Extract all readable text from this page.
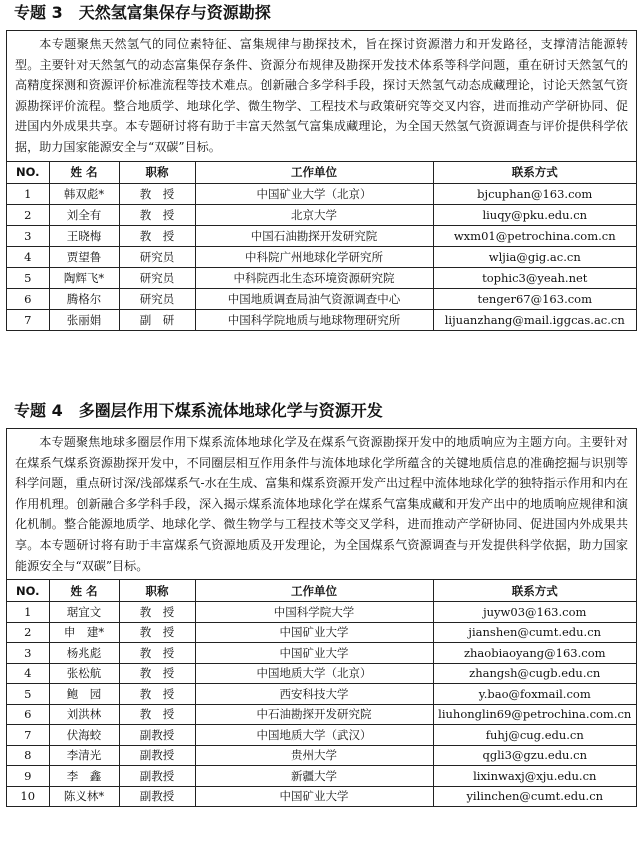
专题 3　天然氢富集保存与资源勘探

本专题聚焦天然氢气的同位素特征、富集规律与勘探技术，旨在探讨资源潜力和开发路径，支撑清洁能源转型。主要针对天然氢气的动态富集保存条件、资源分布规律及勘探开发技术体系等科学问题，重在研讨天然氢气的高精度探测和资源评价标准流程等技术难点。创新融合多学科手段，探讨天然氢气动态成藏理论，讨论天然氢气资源勘探评价流程。整合地质学、地球化学、微生物学、工程技术与政策研究等交叉内容，进而推动产学研协同、促进国内外成果共享。本专题研讨将有助于丰富天然氢气富集成藏理论，为全国天然氢气资源调查与评价提供科学依据，助力国家能源安全与“双碳”目标。

NO.	姓 名	职称	工作单位	联系方式
1	韩双彪*	教　授	中国矿业大学（北京）	bjcuphan@163.com
2	刘全有	教　授	北京大学	liuqy@pku.edu.cn
3	王晓梅	教　授	中国石油勘探开发研究院	wxm01@petrochina.com.cn
4	贾望鲁	研究员	中科院广州地球化学研究所	wljia@gig.ac.cn
5	陶辉飞*	研究员	中科院西北生态环境资源研究院	tophic3@yeah.net
6	腾格尔	研究员	中国地质调查局油气资源调查中心	tenger67@163.com
7	张丽娟	副　研	中国科学院地质与地球物理研究所	lijuanzhang@mail.iggcas.ac.cn
专题 4　多圈层作用下煤系流体地球化学与资源开发

本专题聚焦地球多圈层作用下煤系流体地球化学及在煤系气资源勘探开发中的地质响应为主题方向。主要针对在煤系气煤系资源勘探开发中，不同圈层相互作用条件与流体地球化学所蕴含的关键地质信息的准确挖掘与识别等科学问题，重点研讨深/浅部煤系气-水在生成、富集和煤系资源开发产出过程中流体地球化学的独特指示作用和内在作用机理。创新融合多学科手段，深入揭示煤系流体地球化学在煤系气富集成藏和开发产出中的地质响应规律和演化机制。整合能源地质学、地球化学、微生物学与工程技术等交叉学科，进而推动产学研协同、促进国内外成果共享。本专题研讨将有助于丰富煤系气资源地质及开发理论，为全国煤系气资源调查与开发提供科学依据，助力国家能源安全与“双碳”目标。

NO.	姓 名	职称	工作单位	联系方式
1	琚宜文	教　授	中国科学院大学	juyw03@163.com
2	申　建*	教　授	中国矿业大学	jianshen@cumt.edu.cn
3	杨兆彪	教　授	中国矿业大学	zhaobiaoyang@163.com
4	张松航	教　授	中国地质大学（北京）	zhangsh@cugb.edu.cn
5	鲍　园	教　授	西安科技大学	y.bao@foxmail.com
6	刘洪林	教　授	中石油勘探开发研究院	liuhonglin69@petrochina.com.cn
7	伏海蛟	副教授	中国地质大学（武汉）	fuhj@cug.edu.cn
8	李清光	副教授	贵州大学	qgli3@gzu.edu.cn
9	李　鑫	副教授	新疆大学	lixinwaxj@xju.edu.cn
10	陈义林*	副教授	中国矿业大学	yilinchen@cumt.edu.cn
